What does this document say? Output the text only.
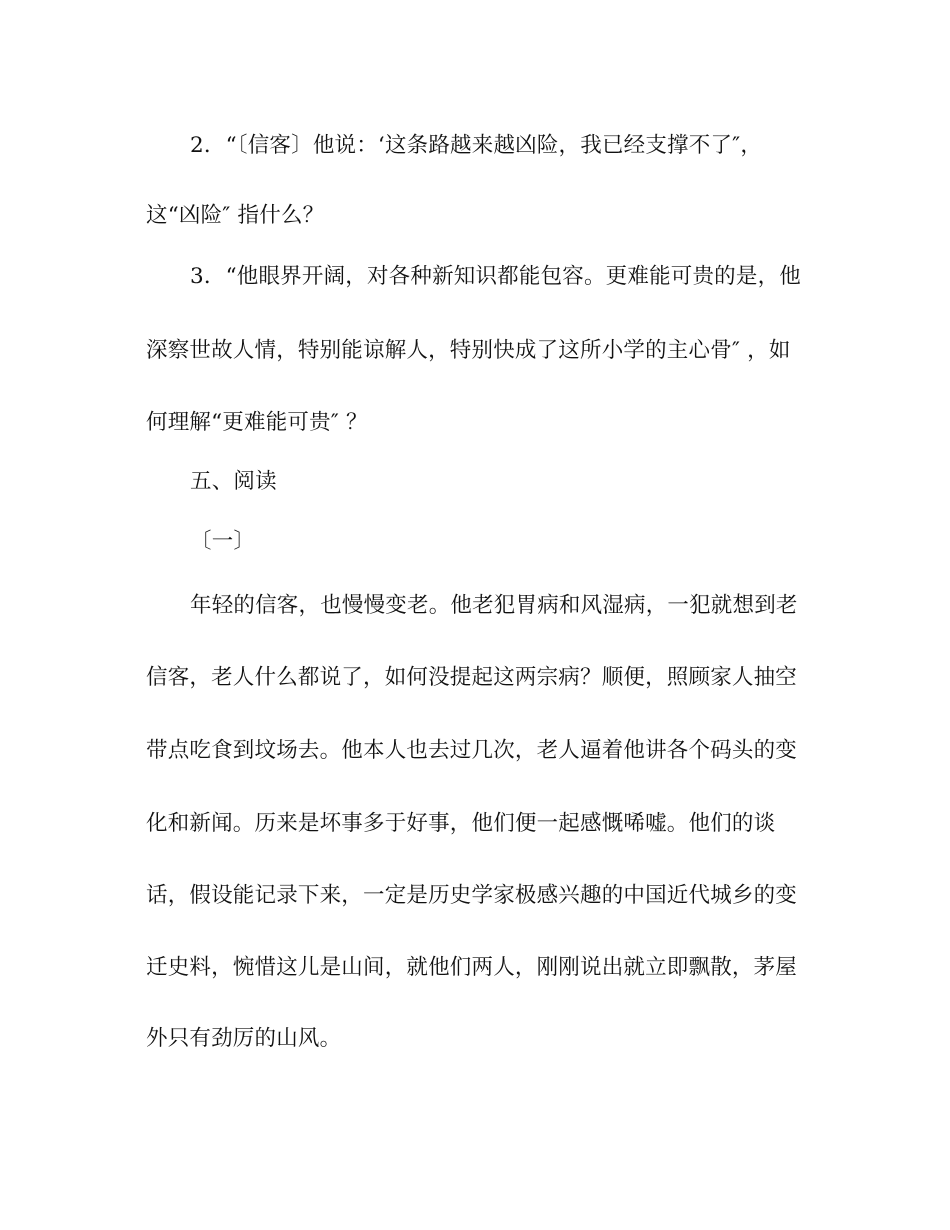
2．“〔信客〕他说：‘这条路越来越凶险，我已经支撑不了″，
这“凶险″ 指什么？
3．“他眼界开阔，对各种新知识都能包容。更难能可贵的是，他
深察世故人情，特别能谅解人，特别快成了这所小学的主心骨″ ，如
何理解“更难能可贵″ ？
五、阅读
〔一〕
年轻的信客，也慢慢变老。他老犯胃病和风湿病，一犯就想到老
信客，老人什么都说了，如何没提起这两宗病？顺便，照顾家人抽空
带点吃食到坟场去。他本人也去过几次，老人逼着他讲各个码头的变
化和新闻。历来是坏事多于好事，他们便一起感慨唏嘘。他们的谈
话，假设能记录下来，一定是历史学家极感兴趣的中国近代城乡的变
迁史料，惋惜这儿是山间，就他们两人，刚刚说出就立即飘散，茅屋
外只有劲厉的山风。
